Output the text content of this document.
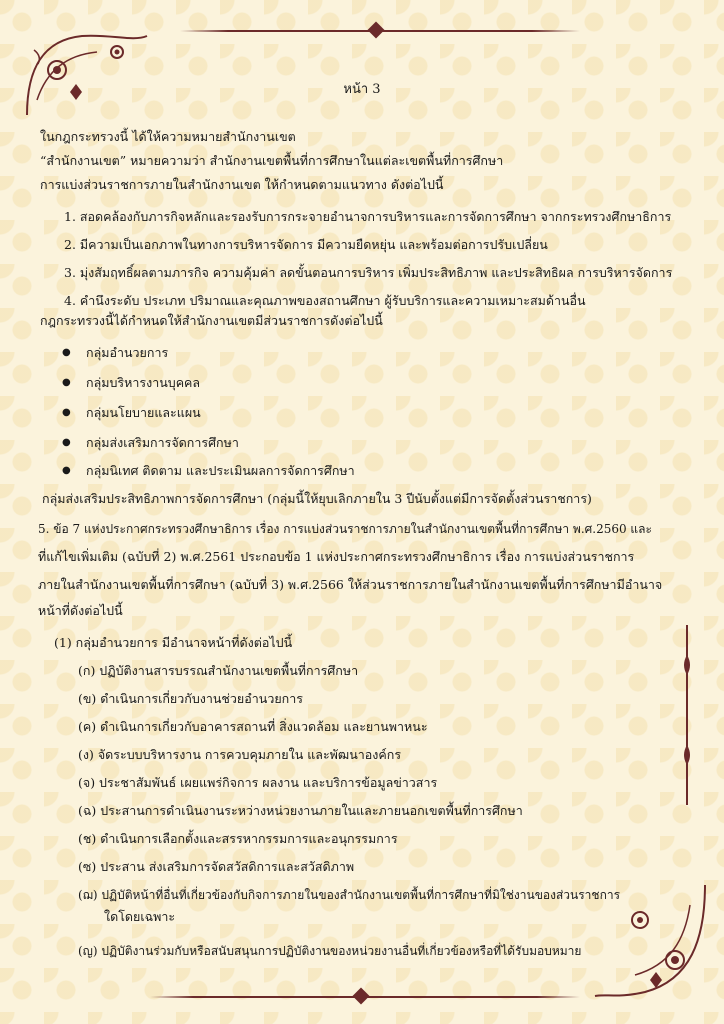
หน้า 3
ในกฎกระทรวงนี้ ได้ให้ความหมายสำนักงานเขต
“สำนักงานเขต” หมายความว่า สำนักงานเขตพื้นที่การศึกษาในแต่ละเขตพื้นที่การศึกษา
การแบ่งส่วนราชการภายในสำนักงานเขต ให้กำหนดตามแนวทาง ดังต่อไปนี้
1. สอดคล้องกับภารกิจหลักและรองรับการกระจายอำนาจการบริหารและการจัดการศึกษา จากกระทรวงศึกษาธิการ
2. มีความเป็นเอกภาพในทางการบริหารจัดการ มีความยืดหยุ่น และพร้อมต่อการปรับเปลี่ยน
3. มุ่งสัมฤทธิ์ผลตามภารกิจ ความคุ้มค่า ลดขั้นตอนการบริหาร เพิ่มประสิทธิภาพ และประสิทธิผล การบริหารจัดการ
4. คำนึงระดับ ประเภท ปริมาณและคุณภาพของสถานศึกษา ผู้รับบริการและความเหมาะสมด้านอื่น
กฎกระทรวงนี้ได้กำหนดให้สำนักงานเขตมีส่วนราชการดังต่อไปนี้
● กลุ่มอำนวยการ
● กลุ่มบริหารงานบุคคล
● กลุ่มนโยบายและแผน
● กลุ่มส่งเสริมการจัดการศึกษา
● กลุ่มนิเทศ ติดตาม และประเมินผลการจัดการศึกษา
กลุ่มส่งเสริมประสิทธิภาพการจัดการศึกษา (กลุ่มนี้ให้ยุบเลิกภายใน 3 ปีนับตั้งแต่มีการจัดตั้งส่วนราชการ)
5. ข้อ 7 แห่งประกาศกระทรวงศึกษาธิการ เรื่อง การแบ่งส่วนราชการภายในสำนักงานเขตพื้นที่การศึกษา พ.ศ.2560 และ
ที่แก้ไขเพิ่มเติม (ฉบับที่ 2) พ.ศ.2561 ประกอบข้อ 1 แห่งประกาศกระทรวงศึกษาธิการ เรื่อง การแบ่งส่วนราชการ
ภายในสำนักงานเขตพื้นที่การศึกษา (ฉบับที่ 3) พ.ศ.2566 ให้ส่วนราชการภายในสำนักงานเขตพื้นที่การศึกษามีอำนาจ
หน้าที่ดังต่อไปนี้
(1) กลุ่มอำนวยการ มีอำนาจหน้าที่ดังต่อไปนี้
(ก) ปฏิบัติงานสารบรรณสำนักงานเขตพื้นที่การศึกษา
(ข) ดำเนินการเกี่ยวกับงานช่วยอำนวยการ
(ค) ดำเนินการเกี่ยวกับอาคารสถานที่ สิ่งแวดล้อม และยานพาหนะ
(ง) จัดระบบบริหารงาน การควบคุมภายใน และพัฒนาองค์กร
(จ) ประชาสัมพันธ์ เผยแพร่กิจการ ผลงาน และบริการข้อมูลข่าวสาร
(ฉ) ประสานการดำเนินงานระหว่างหน่วยงานภายในและภายนอกเขตพื้นที่การศึกษา
(ช) ดำเนินการเลือกตั้งและสรรหากรรมการและอนุกรรมการ
(ซ) ประสาน ส่งเสริมการจัดสวัสดิการและสวัสดิภาพ
(ฌ) ปฏิบัติหน้าที่อื่นที่เกี่ยวข้องกับกิจการภายในของสำนักงานเขตพื้นที่การศึกษาที่มิใช่งานของส่วนราชการ
ใดโดยเฉพาะ
(ญ) ปฏิบัติงานร่วมกับหรือสนับสนุนการปฏิบัติงานของหน่วยงานอื่นที่เกี่ยวข้องหรือที่ได้รับมอบหมาย
